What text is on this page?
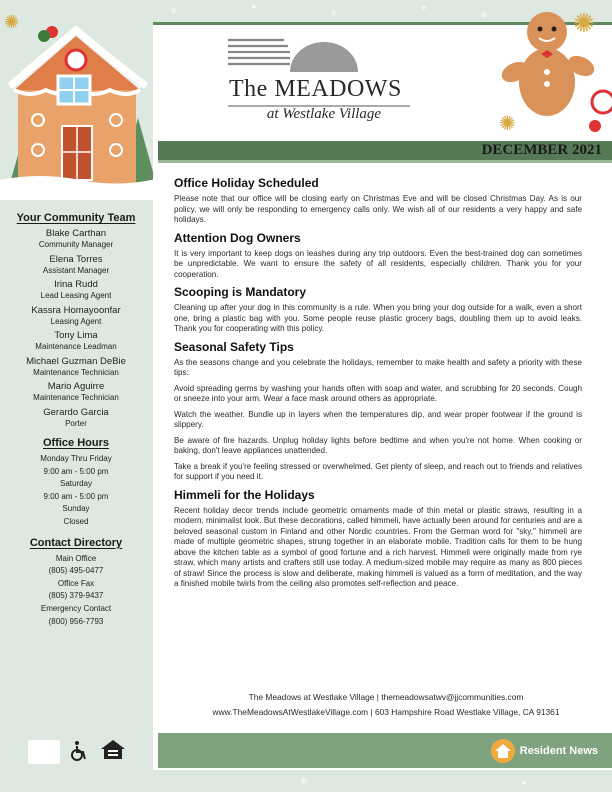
❄	✦
❄	✦
❄
❄	✦
✺
Your Community Team
Blake Carthan
Community Manager
Elena Torres
Assistant Manager
Irina Rudd
Lead Leasing Agent
Kassra Homayoonfar
Leasing Agent
Tony Lima
Maintenance Leadman
Michael Guzman DeBie
Maintenance Technician
Mario Aguirre
Maintenance Technician
Gerardo Garcia
Porter
Office Hours
Monday Thru Friday
9:00 am - 5:00 pm
Saturday
9:00 am - 5:00 pm
Sunday
Closed
Contact Directory
Main Office
(805) 495-0477
Office Fax
(805) 379-9437
Emergency Contact
(800) 956-7793
The MEADOWS
at Westlake Village
✺
✺
DECEMBER 2021
Office Holiday Scheduled

Please note that our office will be closing early on Christmas Eve and will be closed Christmas Day. As is our policy, we will only be responding to emergency calls only. We wish all of our residents a very happy and safe holidays.

Attention Dog Owners

It is very important to keep dogs on leashes during any trip outdoors. Even the best-trained dog can sometimes be unpredictable. We want to ensure the safety of all residents, especially children. Thank you for your cooperation.

Scooping is Mandatory

Cleaning up after your dog in this community is a rule. When you bring your dog outside for a walk, even a short one, bring a plastic bag with you. Some people reuse plastic grocery bags, doubling them up to avoid leaks. Thank you for cooperating with this policy.

Seasonal Safety Tips

As the seasons change and you celebrate the holidays, remember to make health and safety a priority with these tips:

Avoid spreading germs by washing your hands often with soap and water, and scrubbing for 20 seconds. Cough or sneeze into your arm. Wear a face mask around others as appropriate.

Watch the weather. Bundle up in layers when the temperatures dip, and wear proper footwear if the ground is slippery.

Be aware of fire hazards. Unplug holiday lights before bedtime and when you're not home. When cooking or baking, don't leave appliances unattended.

Take a break if you're feeling stressed or overwhelmed. Get plenty of sleep, and reach out to friends and relatives for support if you need it.

Himmeli for the Holidays

Recent holiday decor trends include geometric ornaments made of thin metal or plastic straws, resulting in a modern, minimalist look. But these decorations, called himmeli, have actually been around for centuries and are a beloved seasonal custom in Finland and other Nordic countries. From the German word for "sky," himmeli are made of multiple geometric shapes, strung together in an elaborate mobile. Tradition calls for them to be hung above the kitchen table as a symbol of good fortune and a rich harvest. Himmeli were originally made from rye straw, which many artists and crafters still use today. A medium-sized mobile may require as many as 800 pieces of straw! Since the process is slow and deliberate, making himmeli is valued as a form of meditation, and the way a finished mobile twirls from the ceiling also promotes self-reflection and peace.

The Meadows at Westlake Village | themeadowsatwv@jjcommunities.com
www.TheMeadowsAtWestlakeVillage.com | 603 Hampshire Road Westlake Village, CA 91361
Resident News
